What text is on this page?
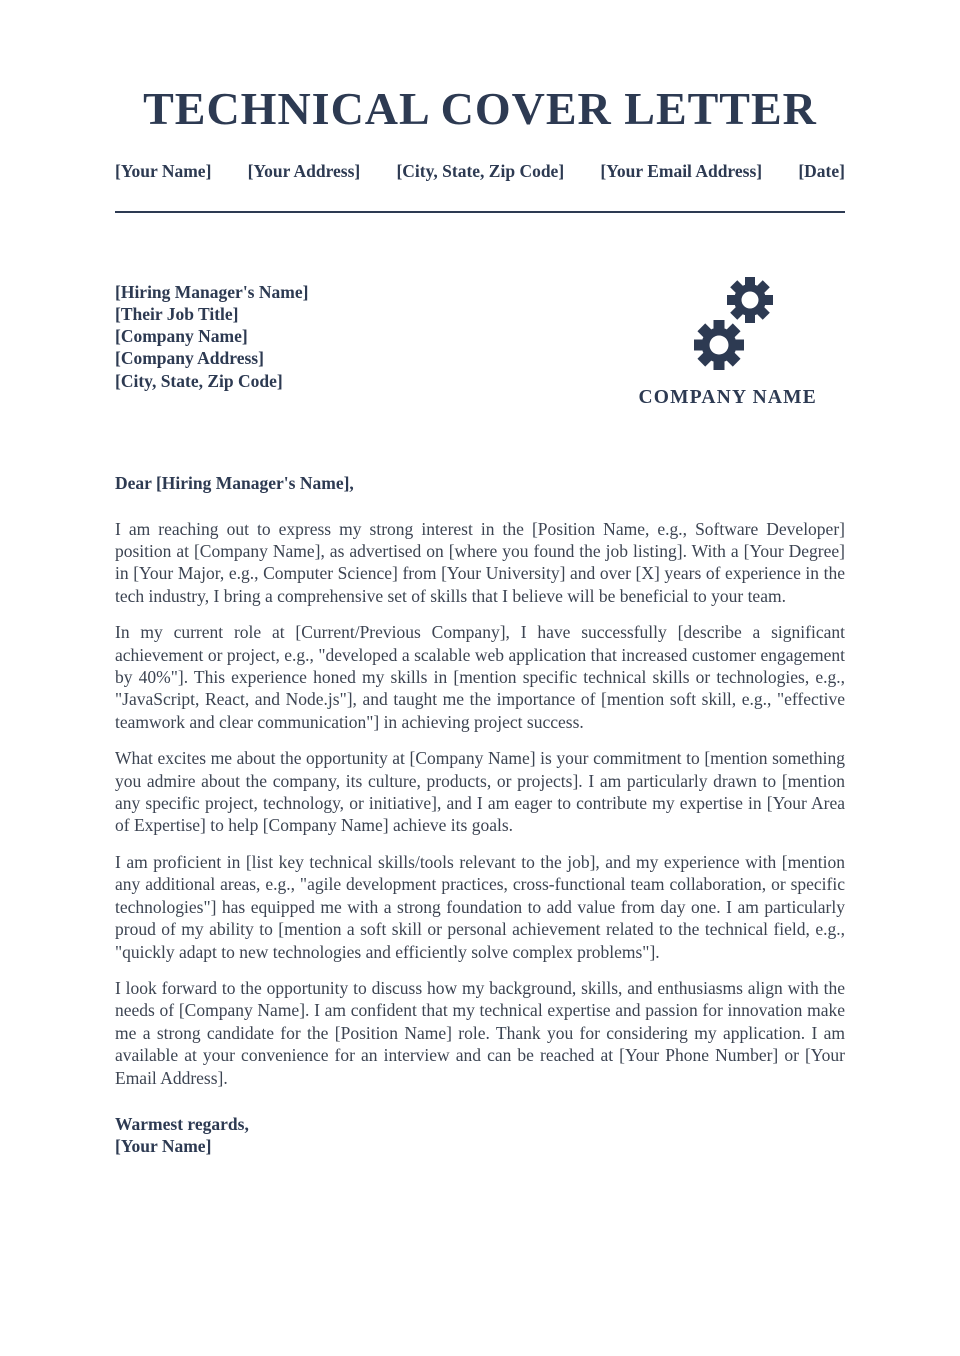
TECHNICAL COVER LETTER
[Your Name] [Your Address] [City, State, Zip Code] [Your Email Address] [Date]
[Hiring Manager's Name]
[Their Job Title]
[Company Name]
[Company Address]
[City, State, Zip Code]
COMPANY NAME

Dear [Hiring Manager's Name],

I am reaching out to express my strong interest in the [Position Name, e.g., Software Developer] position at [Company Name], as advertised on [where you found the job listing]. With a [Your Degree] in [Your Major, e.g., Computer Science] from [Your University] and over [X] years of experience in the tech industry, I bring a comprehensive set of skills that I believe will be beneficial to your team.

In my current role at [Current/Previous Company], I have successfully [describe a significant achievement or project, e.g., "developed a scalable web application that increased customer engagement by 40%"]. This experience honed my skills in [mention specific technical skills or technologies, e.g., "JavaScript, React, and Node.js"], and taught me the importance of [mention soft skill, e.g., "effective teamwork and clear communication"] in achieving project success.

What excites me about the opportunity at [Company Name] is your commitment to [mention something you admire about the company, its culture, products, or projects]. I am particularly drawn to [mention any specific project, technology, or initiative], and I am eager to contribute my expertise in [Your Area of Expertise] to help [Company Name] achieve its goals.

I am proficient in [list key technical skills/tools relevant to the job], and my experience with [mention any additional areas, e.g., "agile development practices, cross-functional team collaboration, or specific technologies"] has equipped me with a strong foundation to add value from day one. I am particularly proud of my ability to [mention a soft skill or personal achievement related to the technical field, e.g., "quickly adapt to new technologies and efficiently solve complex problems"].

I look forward to the opportunity to discuss how my background, skills, and enthusiasms align with the needs of [Company Name]. I am confident that my technical expertise and passion for innovation make me a strong candidate for the [Position Name] role. Thank you for considering my application. I am available at your convenience for an interview and can be reached at [Your Phone Number] or [Your Email Address].

Warmest regards,
[Your Name]
